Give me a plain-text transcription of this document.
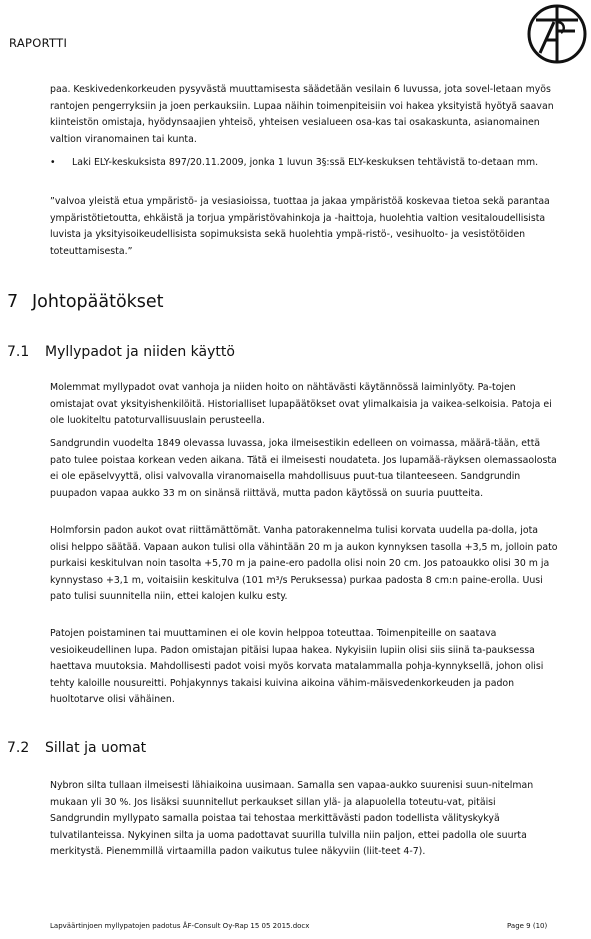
RAPORTTI

paa. Keskivedenkorkeuden pysyvästä muuttamisesta säädetään vesilain 6 luvussa, jota sovel-letaan myös rantojen pengerryksiin ja joen perkauksiin. Lupaa näihin toimenpiteisiin voi hakea yksityistä hyötyä saavan kiinteistön omistaja, hyödynsaajien yhteisö, yhteisen vesialueen osa-kas tai osakaskunta, asianomainen valtion viranomainen tai kunta.

• Laki ELY-keskuksista 897/20.11.2009, jonka 1 luvun 3§:ssä ELY-keskuksen tehtävistä to-detaan mm.

”valvoa yleistä etua ympäristö- ja vesiasioissa, tuottaa ja jakaa ympäristöä koskevaa tietoa sekä parantaa ympäristötietoutta, ehkäistä ja torjua ympäristövahinkoja ja -haittoja, huolehtia valtion vesitaloudellisista luvista ja yksityisoikeudellisista sopimuksista sekä huolehtia ympä-ristö-, vesihuolto- ja vesistötöiden toteuttamisesta.”

7 Johtopäätökset
7.1 Myllypadot ja niiden käyttö

Molemmat myllypadot ovat vanhoja ja niiden hoito on nähtävästi käytännössä laiminlyöty. Pa-tojen omistajat ovat yksityishenkilöitä. Historialliset lupapäätökset ovat ylimalkaisia ja vaikea-selkoisia. Patoja ei ole luokiteltu patoturvallisuuslain perusteella.

Sandgrundin vuodelta 1849 olevassa luvassa, joka ilmeisestikin edelleen on voimassa, määrä-tään, että pato tulee poistaa korkean veden aikana. Tätä ei ilmeisesti noudateta. Jos lupamää-räyksen olemassaolosta ei ole epäselvyyttä, olisi valvovalla viranomaisella mahdollisuus puut-tua tilanteeseen. Sandgrundin puupadon vapaa aukko 33 m on sinänsä riittävä, mutta padon käytössä on suuria puutteita.

Holmforsin padon aukot ovat riittämättömät. Vanha patorakennelma tulisi korvata uudella pa-dolla, jota olisi helppo säätää. Vapaan aukon tulisi olla vähintään 20 m ja aukon kynnyksen tasolla +3,5 m, jolloin pato purkaisi keskitulvan noin tasolta +5,70 m ja paine-ero padolla olisi noin 20 cm. Jos patoaukko olisi 30 m ja kynnystaso +3,1 m, voitaisiin keskitulva (101 m³/s Peruksessa) purkaa padosta 8 cm:n paine-erolla. Uusi pato tulisi suunnitella niin, ettei kalojen kulku esty.

Patojen poistaminen tai muuttaminen ei ole kovin helppoa toteuttaa. Toimenpiteille on saatava vesioikeudellinen lupa. Padon omistajan pitäisi lupaa hakea. Nykyisiin lupiin olisi siis siinä ta-pauksessa haettava muutoksia. Mahdollisesti padot voisi myös korvata matalammalla pohja-kynnyksellä, johon olisi tehty kaloille nousureitti. Pohjakynnys takaisi kuivina aikoina vähim-mäisvedenkorkeuden ja padon huoltotarve olisi vähäinen.

7.2 Sillat ja uomat

Nybron silta tullaan ilmeisesti lähiaikoina uusimaan. Samalla sen vapaa-aukko suurenisi suun-nitelman mukaan yli 30 %. Jos lisäksi suunnitellut perkaukset sillan ylä- ja alapuolella toteutu-vat, pitäisi Sandgrundin myllypato samalla poistaa tai tehostaa merkittävästi padon todellista välityskykyä tulvatilanteissa. Nykyinen silta ja uoma padottavat suurilla tulvilla niin paljon, ettei padolla ole suurta merkitystä. Pienemmillä virtaamilla padon vaikutus tulee näkyviin (liit-teet 4-7).

Lapväärtinjoen myllypatojen padotus ÅF-Consult Oy-Rap 15 05 2015.docx	Page 9 (10)
